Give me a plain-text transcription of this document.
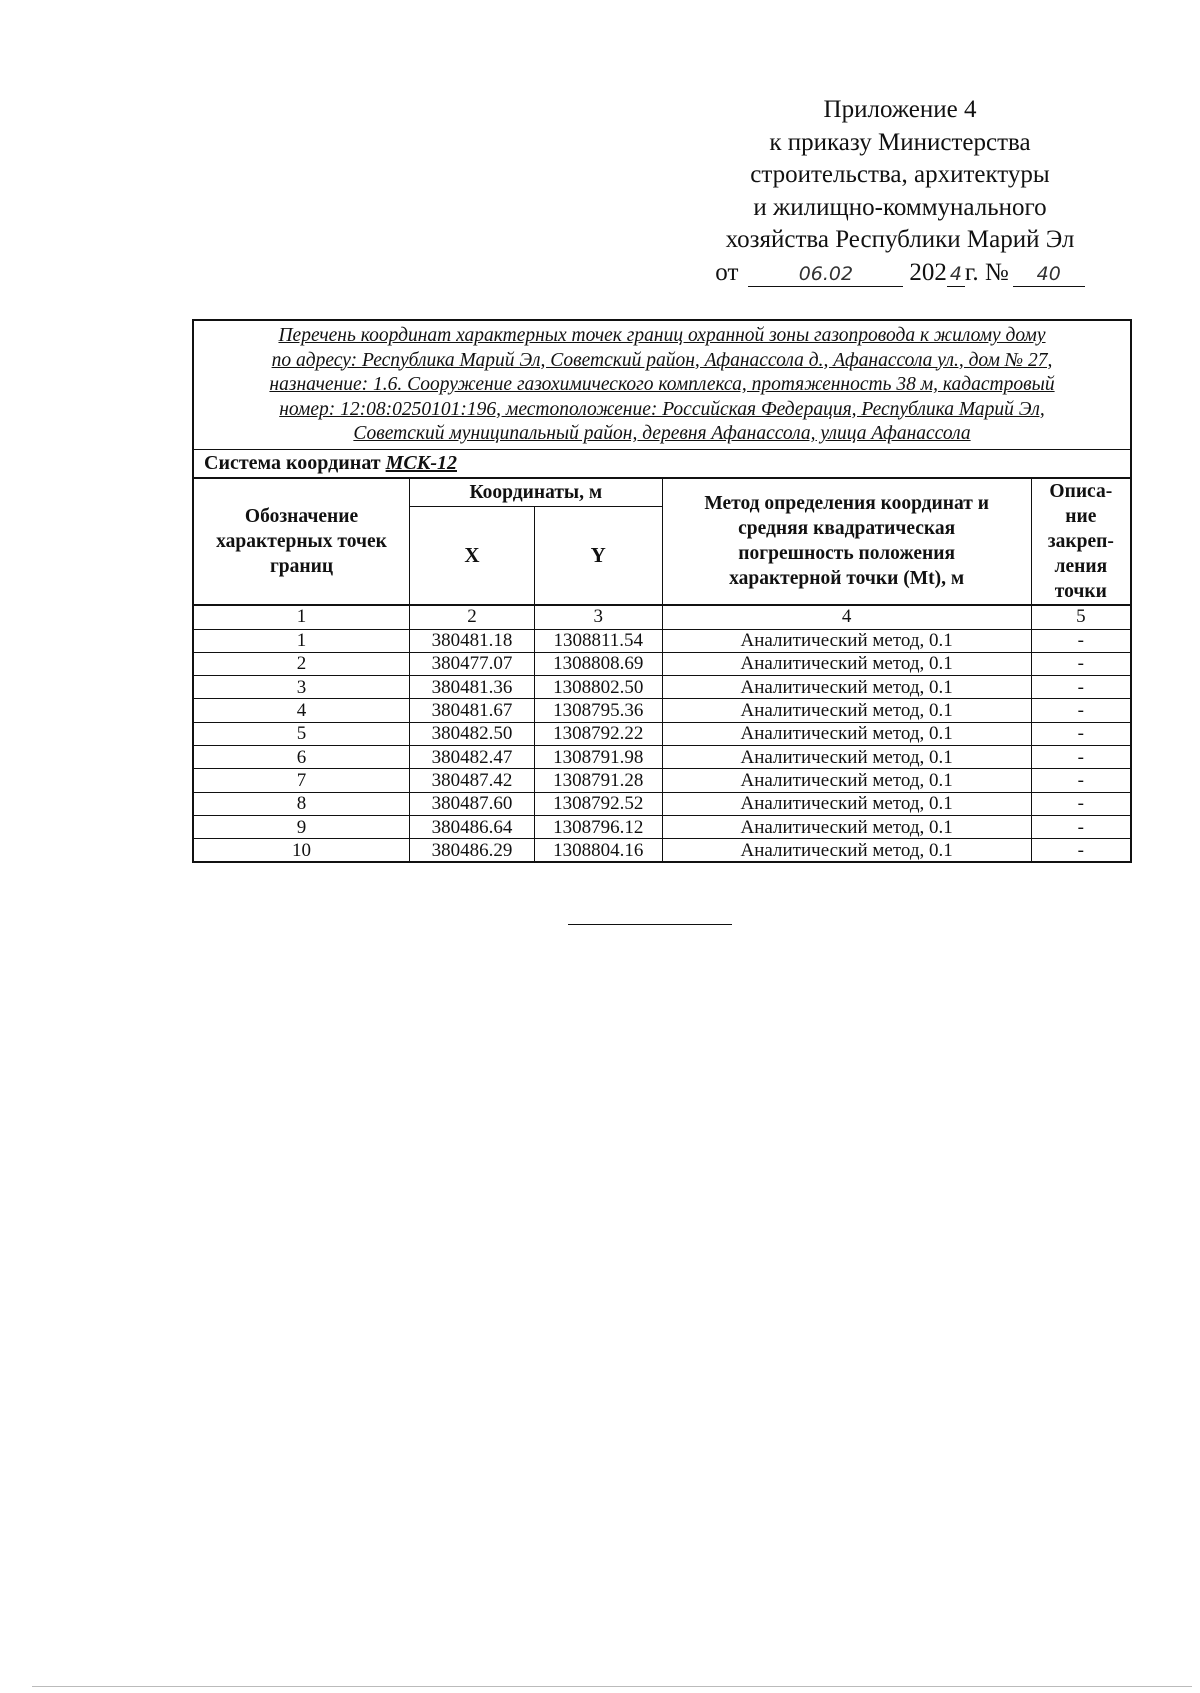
Приложение 4
к приказу Министерства
строительства, архитектуры
и жилищно-коммунального
хозяйства Республики Марий Эл
от	06.02 202 4 г. № 40
Перечень координат характерных точек границ охранной зоны газопровода к жилому дому
по адресу: Республика Марий Эл, Советский район, Афанассола д., Афанассола ул., дом № 27,
назначение: 1.6. Сооружение газохимического комплекса, протяженность 38 м, кадастровый
номер: 12:08:0250101:196, местоположение: Российская Федерация, Республика Марий Эл,
Советский муниципальный район, деревня Афанассола, улица Афанассола				

Система координат МСК-12				
Обозначение
характерных точек
границ	Координаты, м		Метод определения координат и
средняя квадратическая
погрешность положения
характерной точки (Mt), м	Описа-
ние
закреп-
ления
точки
	X	Y		
1	2	3	4	5
1	380481.18	1308811.54	Аналитический метод, 0.1	-
2	380477.07	1308808.69	Аналитический метод, 0.1	-
3	380481.36	1308802.50	Аналитический метод, 0.1	-
4	380481.67	1308795.36	Аналитический метод, 0.1	-
5	380482.50	1308792.22	Аналитический метод, 0.1	-
6	380482.47	1308791.98	Аналитический метод, 0.1	-
7	380487.42	1308791.28	Аналитический метод, 0.1	-
8	380487.60	1308792.52	Аналитический метод, 0.1	-
9	380486.64	1308796.12	Аналитический метод, 0.1	-
10	380486.29	1308804.16	Аналитический метод, 0.1	-
